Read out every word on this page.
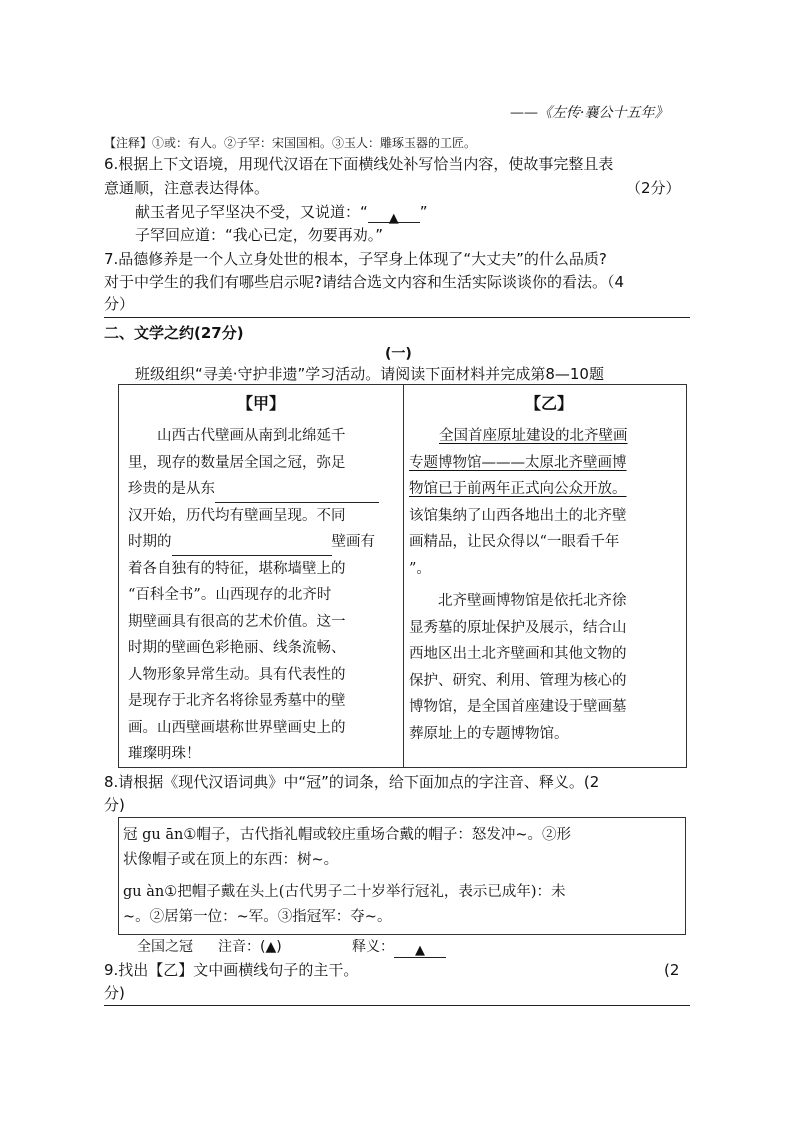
——《左传·襄公十五年》
【注释】①或：有人。②子罕：宋国国相。③玉人：雕琢玉器的工匠。
6.根据上下文语境，用现代汉语在下面横线处补写恰当内容，使故事完整且表
意通顺，注意表达得体。	（2分）
献玉者见子罕坚决不受，又说道：“ ▲ ”
子罕回应道：“我心已定，勿要再劝。”
7.品德修养是一个人立身处世的根本，子罕身上体现了“大丈夫”的什么品质?
对于中学生的我们有哪些启示呢?请结合选文内容和生活实际谈谈你的看法。（4
分）
二、文学之约(27分)
(一)
班级组织“寻美·守护非遗”学习活动。请阅读下面材料并完成第8—10题
【甲】
　　山西古代壁画从南到北绵延千
里，现存的数量居全国之冠，弥足
珍贵的是从东
汉开始，历代均有壁画呈现。不同
时期的	壁画有
着各自独有的特征，堪称墙壁上的
“百科全书”。山西现存的北齐时
期壁画具有很高的艺术价值。这一
时期的壁画色彩艳丽、线条流畅、
人物形象异常生动。具有代表性的
是现存于北齐名将徐显秀墓中的壁
画。山西壁画堪称世界壁画史上的
璀璨明珠！
【乙】
全国首座原址建设的北齐壁画
专题博物馆———太原北齐壁画博
物馆已于前两年正式向公众开放。
该馆集纳了山西各地出土的北齐壁
画精品，让民众得以“一眼看千年
”。
　　北齐壁画博物馆是依托北齐徐
显秀墓的原址保护及展示，结合山
西地区出土北齐壁画和其他文物的
保护、研究、利用、管理为核心的
博物馆，是全国首座建设于壁画墓
葬原址上的专题博物馆。
8.请根据《现代汉语词典》中“冠”的词条，给下面加点的字注音、释义。(2
分)
冠 gu ān①帽子，古代指礼帽或较庄重场合戴的帽子：怒发冲~。②形
状像帽子或在顶上的东西：树~。
gu àn①把帽子戴在头上(古代男子二十岁举行冠礼，表示已成年)：未
~。②居第一位：~军。③指冠军：夺~。
全国之冠 注音：(▲)	释义： ▲
9.找出【乙】文中画横线句子的主干。	(2
分)
